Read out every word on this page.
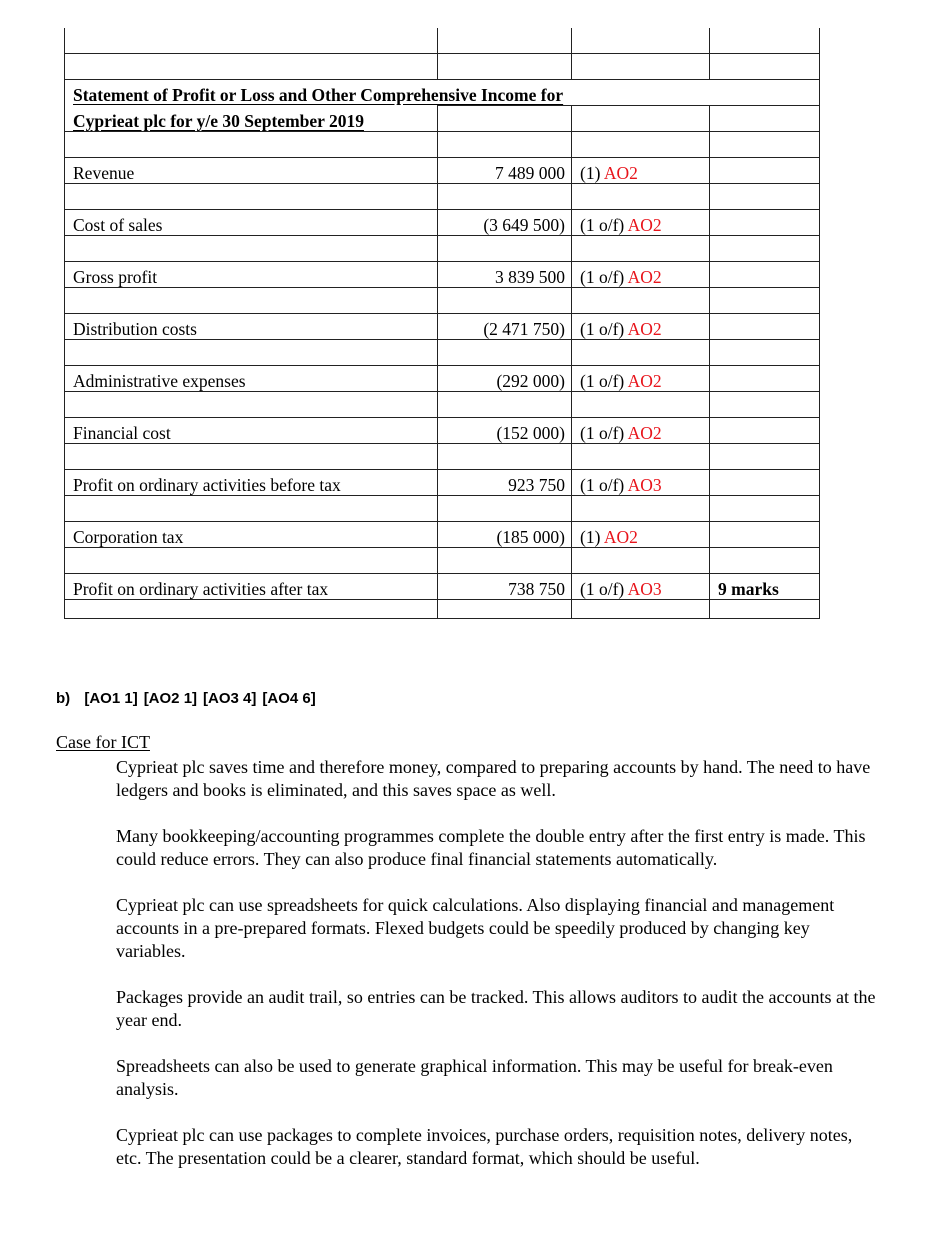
Statement of Profit or Loss and Other Comprehensive Income for			
Cyprieat plc for y/e 30 September 2019			

Revenue	7 489 000	(1) AO2	

Cost of sales	(3 649 500)	(1 o/f) AO2	

Gross profit	3 839 500	(1 o/f) AO2	

Distribution costs	(2 471 750)	(1 o/f) AO2	

Administrative expenses	(292 000)	(1 o/f) AO2	

Financial cost	(152 000)	(1 o/f) AO2	

Profit on ordinary activities before tax	923 750	(1 o/f) AO3	

Corporation tax	(185 000)	(1) AO2	

Profit on ordinary activities after tax	738 750	(1 o/f) AO3	9 marks

b) [AO1 1] [AO2 1] [AO3 4] [AO4 6]
Case for ICT

Cyprieat plc saves time and therefore money, compared to preparing accounts by hand. The need to have ledgers and books is eliminated, and this saves space as well.

Many bookkeeping/accounting programmes complete the double entry after the first entry is made. This could reduce errors. They can also produce final financial statements automatically.

Cyprieat plc can use spreadsheets for quick calculations. Also displaying financial and management accounts in a pre-prepared formats. Flexed budgets could be speedily produced by changing key variables.

Packages provide an audit trail, so entries can be tracked. This allows auditors to audit the accounts at the year end.

Spreadsheets can also be used to generate graphical information. This may be useful for break-even analysis.

Cyprieat plc can use packages to complete invoices, purchase orders, requisition notes, delivery notes, etc. The presentation could be a clearer, standard format, which should be useful.
